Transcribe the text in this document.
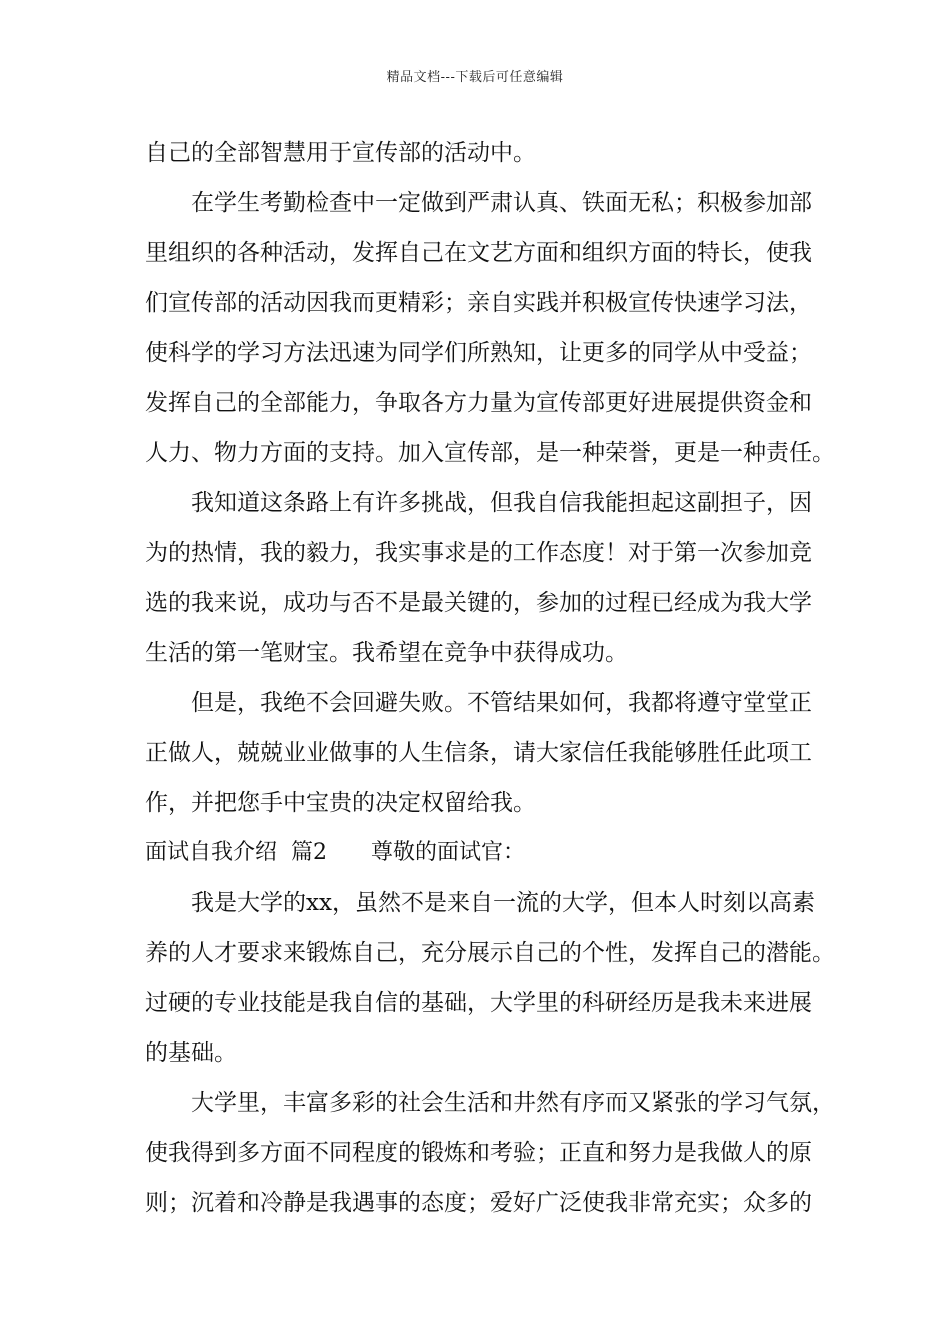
精品文档---下载后可任意编辑
自己的全部智慧用于宣传部的活动中。
在学生考勤检查中一定做到严肃认真、铁面无私；积极参加部
里组织的各种活动，发挥自己在文艺方面和组织方面的特长，使我
们宣传部的活动因我而更精彩；亲自实践并积极宣传快速学习法，
使科学的学习方法迅速为同学们所熟知，让更多的同学从中受益；
发挥自己的全部能力，争取各方力量为宣传部更好进展提供资金和
人力、物力方面的支持。加入宣传部，是一种荣誉，更是一种责任。
我知道这条路上有许多挑战，但我自信我能担起这副担子，因
为的热情，我的毅力，我实事求是的工作态度！对于第一次参加竞
选的我来说，成功与否不是最关键的，参加的过程已经成为我大学
生活的第一笔财宝。我希望在竞争中获得成功。
但是，我绝不会回避失败。不管结果如何，我都将遵守堂堂正
正做人，兢兢业业做事的人生信条，请大家信任我能够胜任此项工
作，并把您手中宝贵的决定权留给我。
面试自我介绍  篇2 尊敬的面试官：
我是大学的xx，虽然不是来自一流的大学，但本人时刻以高素
养的人才要求来锻炼自己，充分展示自己的个性，发挥自己的潜能。
过硬的专业技能是我自信的基础，大学里的科研经历是我未来进展
的基础。
大学里，丰富多彩的社会生活和井然有序而又紧张的学习气氛，
使我得到多方面不同程度的锻炼和考验；正直和努力是我做人的原
则；沉着和冷静是我遇事的态度；爱好广泛使我非常充实；众多的
